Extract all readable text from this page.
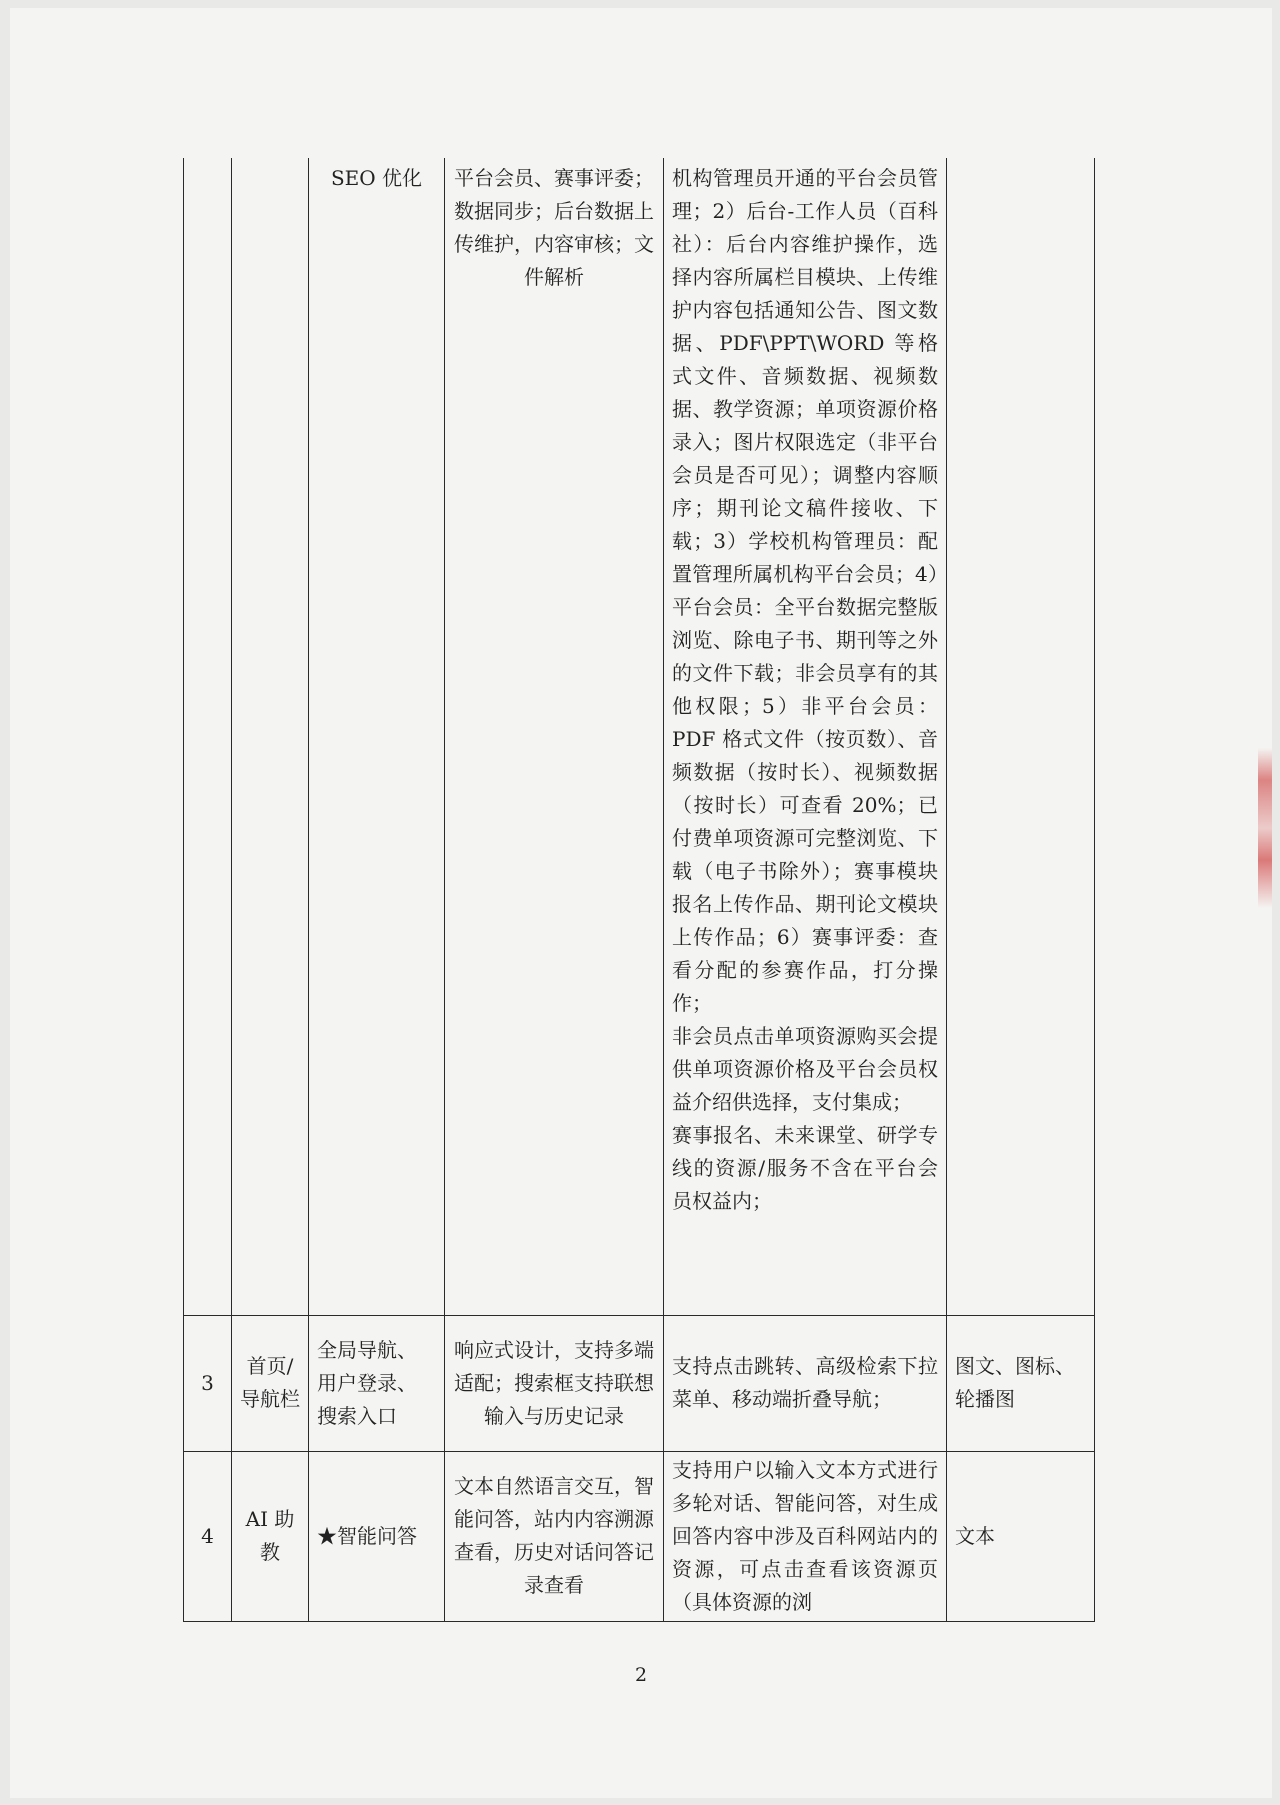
		SEO 优化	平台会员、赛事评委；数据同步；后台数据上传维护，内容审核；文件解析	机构管理员开通的平台会员管理；2）后台-工作人员（百科社）：后台内容维护操作，选择内容所属栏目模块、上传维护内容包括通知公告、图文数据、PDF\PPT\WORD 等格式文件、音频数据、视频数据、教学资源；单项资源价格录入；图片权限选定（非平台会员是否可见）；调整内容顺序；期刊论文稿件接收、下载；3）学校机构管理员：配置管理所属机构平台会员；4）平台会员：全平台数据完整版浏览、除电子书、期刊等之外的文件下载；非会员享有的其他权限；5）非平台会员：PDF 格式文件（按页数）、音频数据（按时长）、视频数据（按时长）可查看 20%；已付费单项资源可完整浏览、下载（电子书除外）；赛事模块报名上传作品、期刊论文模块上传作品；6）赛事评委：查看分配的参赛作品，打分操作；
非会员点击单项资源购买会提供单项资源价格及平台会员权益介绍供选择，支付集成；
赛事报名、未来课堂、研学专线的资源/服务不含在平台会员权益内；	

3	首页/导航栏	全局导航、用户登录、搜索入口	响应式设计，支持多端适配；搜索框支持联想输入与历史记录	支持点击跳转、高级检索下拉菜单、移动端折叠导航；	图文、图标、轮播图
4	AI 助教	★智能问答	文本自然语言交互，智能问答，站内内容溯源查看，历史对话问答记录查看	支持用户以输入文本方式进行多轮对话、智能问答，对生成回答内容中涉及百科网站内的资源，可点击查看该资源页（具体资源的浏	文本
2
